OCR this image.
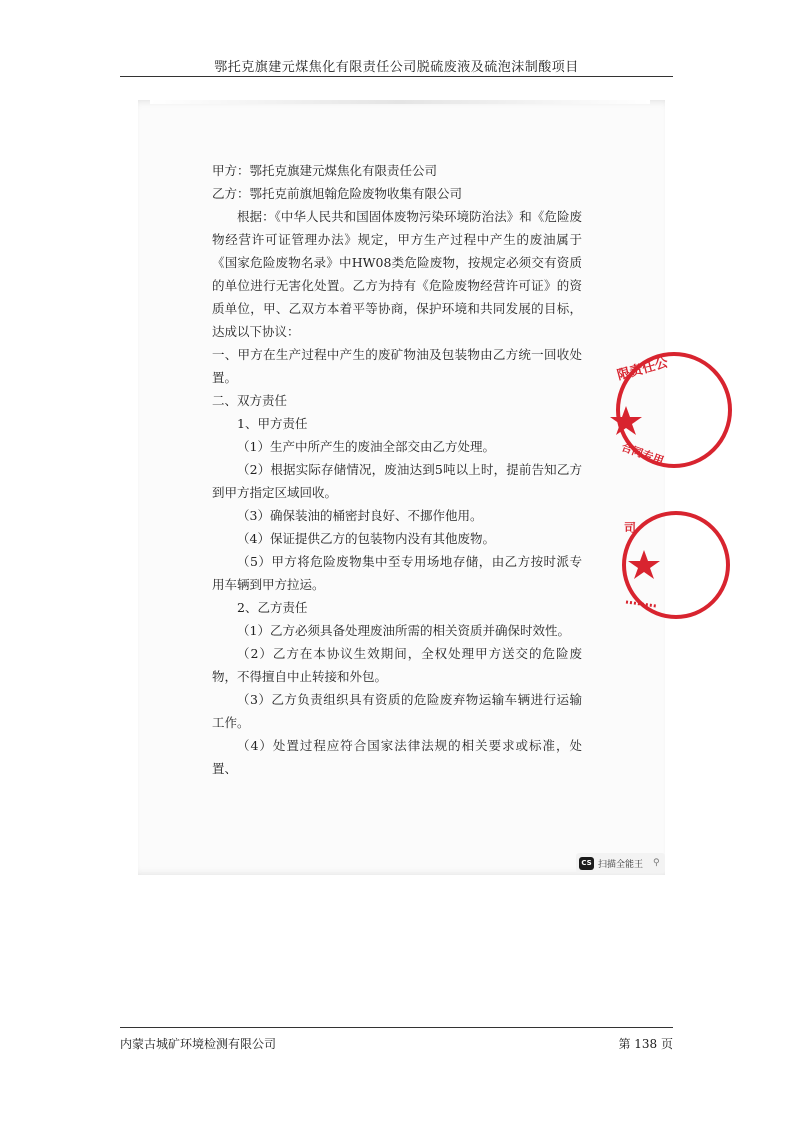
鄂托克旗建元煤焦化有限责任公司脱硫废液及硫泡沫制酸项目

甲方：鄂托克旗建元煤焦化有限责任公司

乙方：鄂托克前旗旭翰危险废物收集有限公司

根据：《中华人民共和国固体废物污染环境防治法》和《危险废物经营许可证管理办法》规定，甲方生产过程中产生的废油属于《国家危险废物名录》中HW08类危险废物，按规定必须交有资质的单位进行无害化处置。乙方为持有《危险废物经营许可证》的资质单位，甲、乙双方本着平等协商，保护环境和共同发展的目标，达成以下协议：

一、甲方在生产过程中产生的废矿物油及包装物由乙方统一回收处置。

二、双方责任

1、甲方责任

（1）生产中所产生的废油全部交由乙方处理。

（2）根据实际存储情况，废油达到5吨以上时，提前告知乙方到甲方指定区域回收。

（3）确保装油的桶密封良好、不挪作他用。

（4）保证提供乙方的包装物内没有其他废物。

（5）甲方将危险废物集中至专用场地存储，由乙方按时派专用车辆到甲方拉运。

2、乙方责任

（1）乙方必须具备处理废油所需的相关资质并确保时效性。

（2）乙方在本协议生效期间，全权处理甲方送交的危险废物，不得擅自中止转接和外包。

（3）乙方负责组织具有资质的危险废弃物运输车辆进行运输工作。

（4）处置过程应符合国家法律法规的相关要求或标准，处置、

限责任公
合同专用
司
CS 扫描全能王 ⚲
内蒙古城矿环境检测有限公司	第 138 页
